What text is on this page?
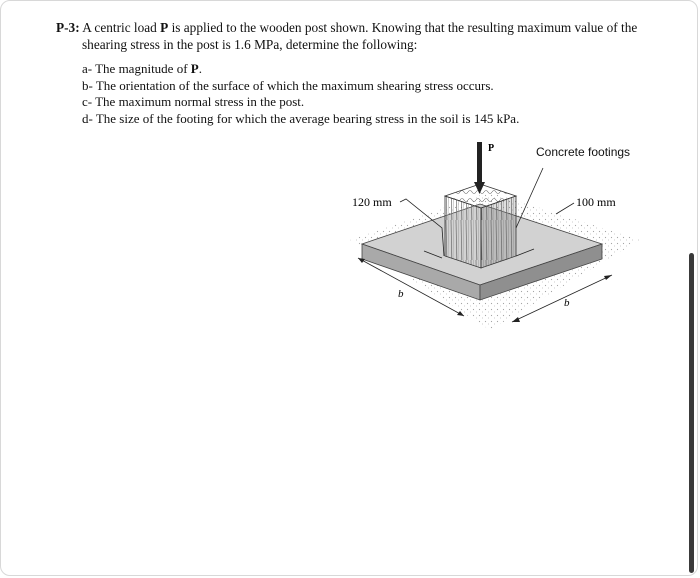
P-3: A centric load P is applied to the wooden post shown. Knowing that the resulting maximum value of the
shearing stress in the post is 1.6 MPa, determine the following:
a- The magnitude of P.
b- The orientation of the surface of which the maximum shearing stress occurs.
c- The maximum normal stress in the post.
d- The size of the footing for which the average bearing stress in the soil is 145 kPa.
P	Concrete footings
120 mm	100 mm
b
b
